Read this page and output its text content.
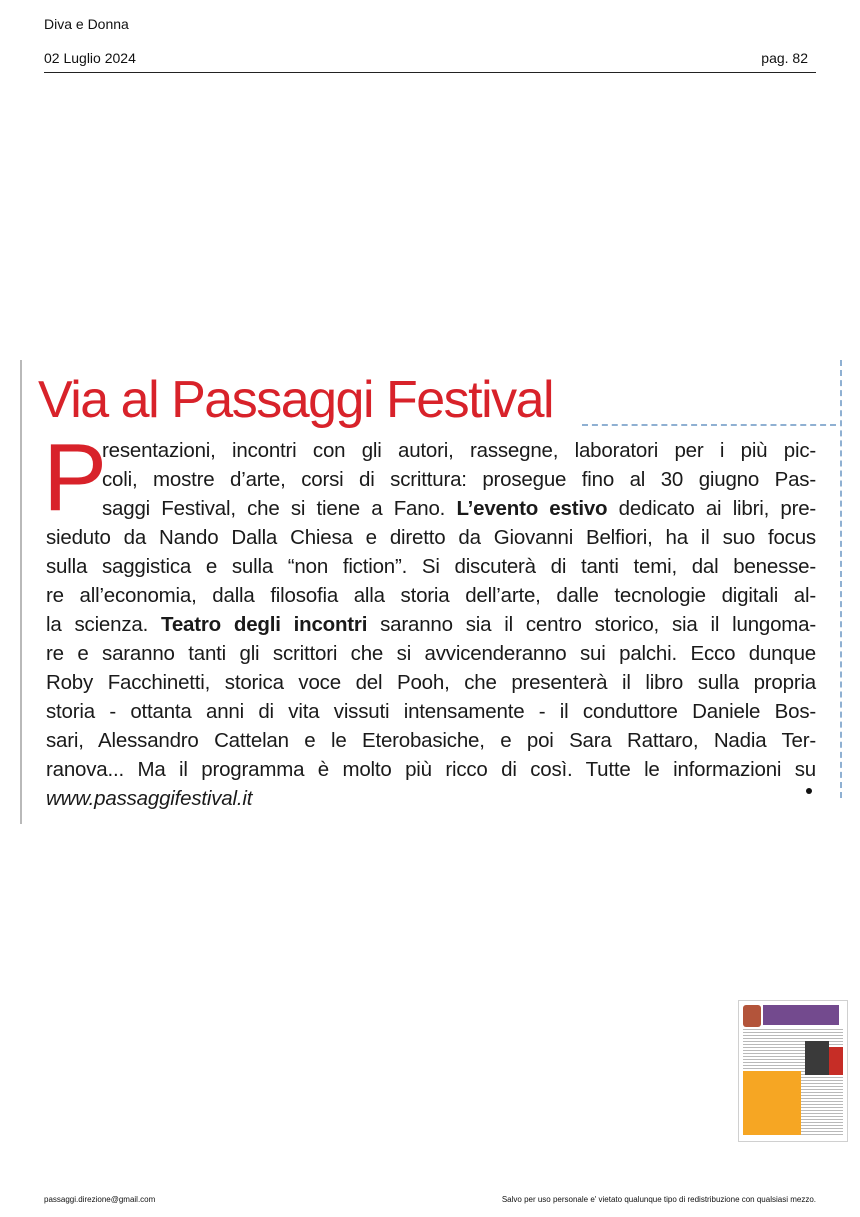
Diva e Donna
02 Luglio 2024	pag. 82
Via al Passaggi Festival
P
resentazioni, incontri con gli autori, rassegne, laboratori per i più pic-
coli, mostre d’arte, corsi di scrittura: prosegue fino al 30 giugno Pas-
saggi Festival, che si tiene a Fano. L’evento estivo dedicato ai libri, pre-
sieduto da Nando Dalla Chiesa e diretto da Giovanni Belfiori, ha il suo focus
sulla saggistica e sulla “non fiction”. Si discuterà di tanti temi, dal benesse-
re all’economia, dalla filosofia alla storia dell’arte, dalle tecnologie digitali al-
la scienza. Teatro degli incontri saranno sia il centro storico, sia il lungoma-
re e saranno tanti gli scrittori che si avvicenderanno sui palchi. Ecco dunque
Roby Facchinetti, storica voce del Pooh, che presenterà il libro sulla propria
storia - ottanta anni di vita vissuti intensamente - il conduttore Daniele Bos-
sari, Alessandro Cattelan e le Eterobasiche, e poi Sara Rattaro, Nadia Ter-
ranova... Ma il programma è molto più ricco di così. Tutte le informazioni su
www.passaggifestival.it
passaggi.direzione@gmail.com	Salvo per uso personale e' vietato qualunque tipo di redistribuzione con qualsiasi mezzo.
